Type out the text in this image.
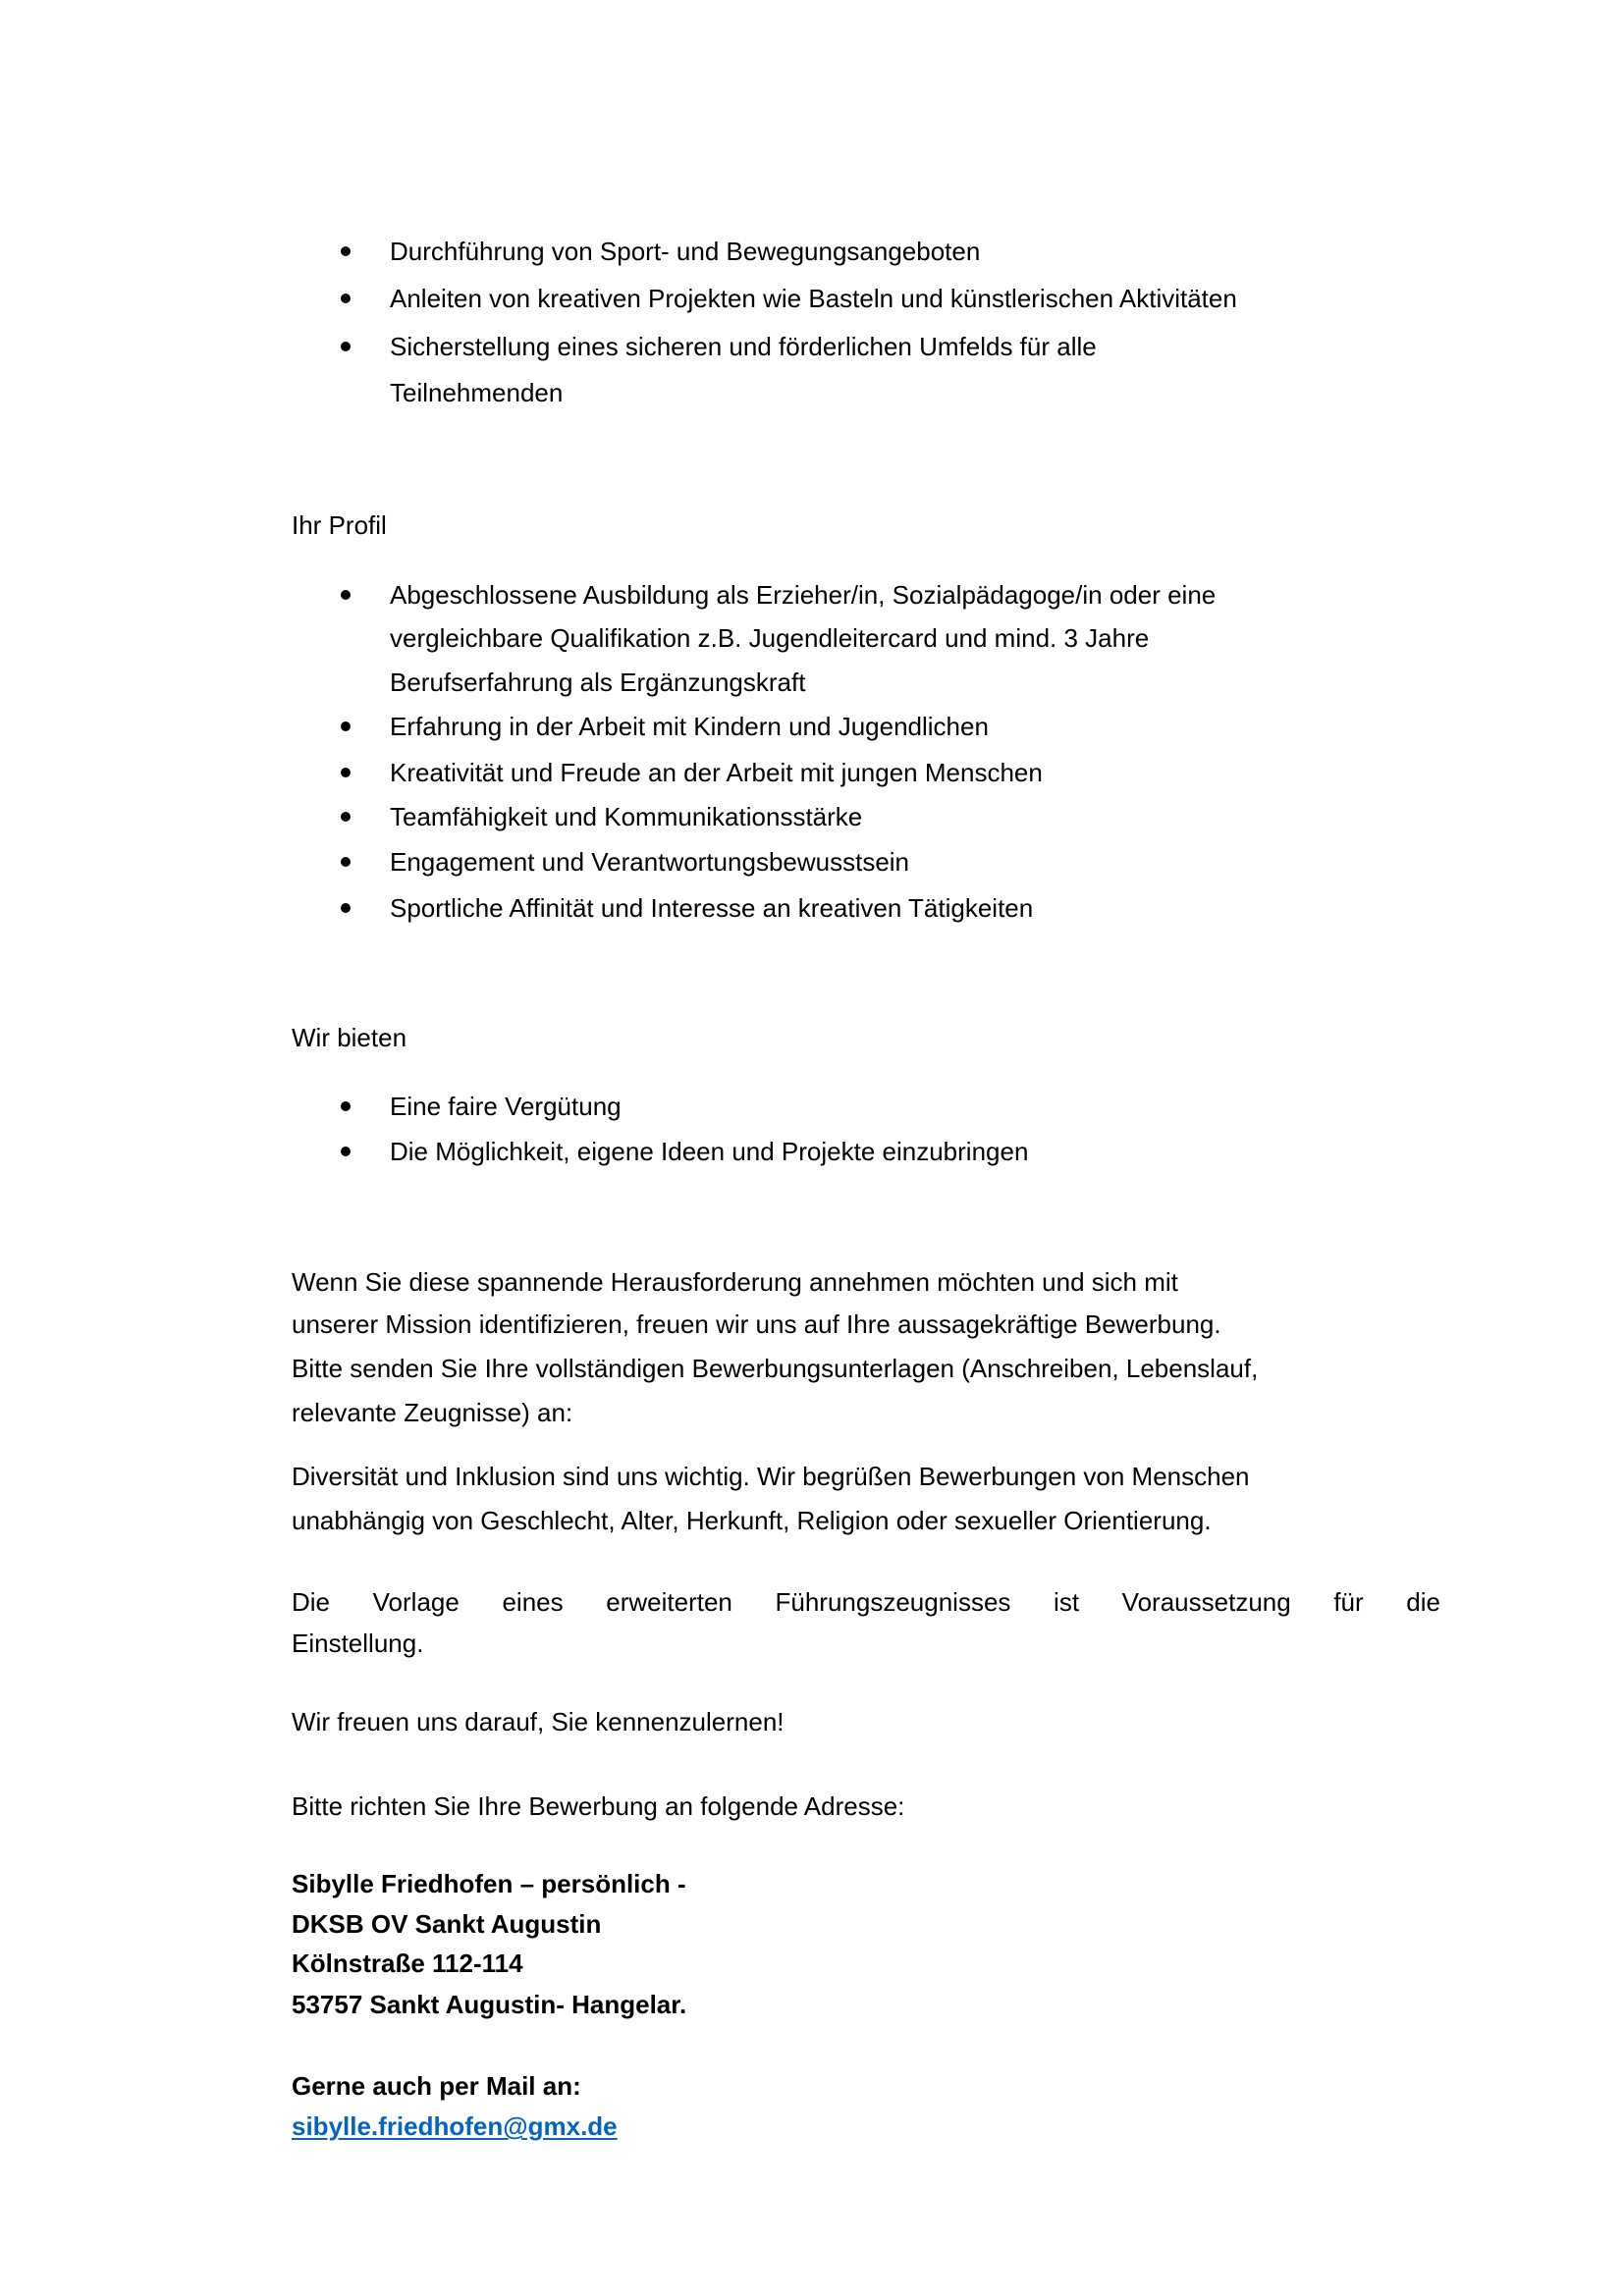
Durchführung von Sport- und Bewegungsangeboten
Anleiten von kreativen Projekten wie Basteln und künstlerischen Aktivitäten
Sicherstellung eines sicheren und förderlichen Umfelds für alle
Teilnehmenden
Ihr Profil
Abgeschlossene Ausbildung als Erzieher/in, Sozialpädagoge/in oder eine
vergleichbare Qualifikation z.B. Jugendleitercard und mind. 3 Jahre
Berufserfahrung als Ergänzungskraft
Erfahrung in der Arbeit mit Kindern und Jugendlichen
Kreativität und Freude an der Arbeit mit jungen Menschen
Teamfähigkeit und Kommunikationsstärke
Engagement und Verantwortungsbewusstsein
Sportliche Affinität und Interesse an kreativen Tätigkeiten
Wir bieten
Eine faire Vergütung
Die Möglichkeit, eigene Ideen und Projekte einzubringen
Wenn Sie diese spannende Herausforderung annehmen möchten und sich mit
unserer Mission identifizieren, freuen wir uns auf Ihre aussagekräftige Bewerbung.
Bitte senden Sie Ihre vollständigen Bewerbungsunterlagen (Anschreiben, Lebenslauf,
relevante Zeugnisse) an:
Diversität und Inklusion sind uns wichtig. Wir begrüßen Bewerbungen von Menschen
unabhängig von Geschlecht, Alter, Herkunft, Religion oder sexueller Orientierung.
Die Vorlage eines erweiterten Führungszeugnisses ist Voraussetzung für die
Einstellung.
Wir freuen uns darauf, Sie kennenzulernen!
Bitte richten Sie Ihre Bewerbung an folgende Adresse:
Sibylle Friedhofen – persönlich -
DKSB OV Sankt Augustin
Kölnstraße 112-114
53757 Sankt Augustin- Hangelar.
Gerne auch per Mail an:
sibylle.friedhofen@gmx.de
